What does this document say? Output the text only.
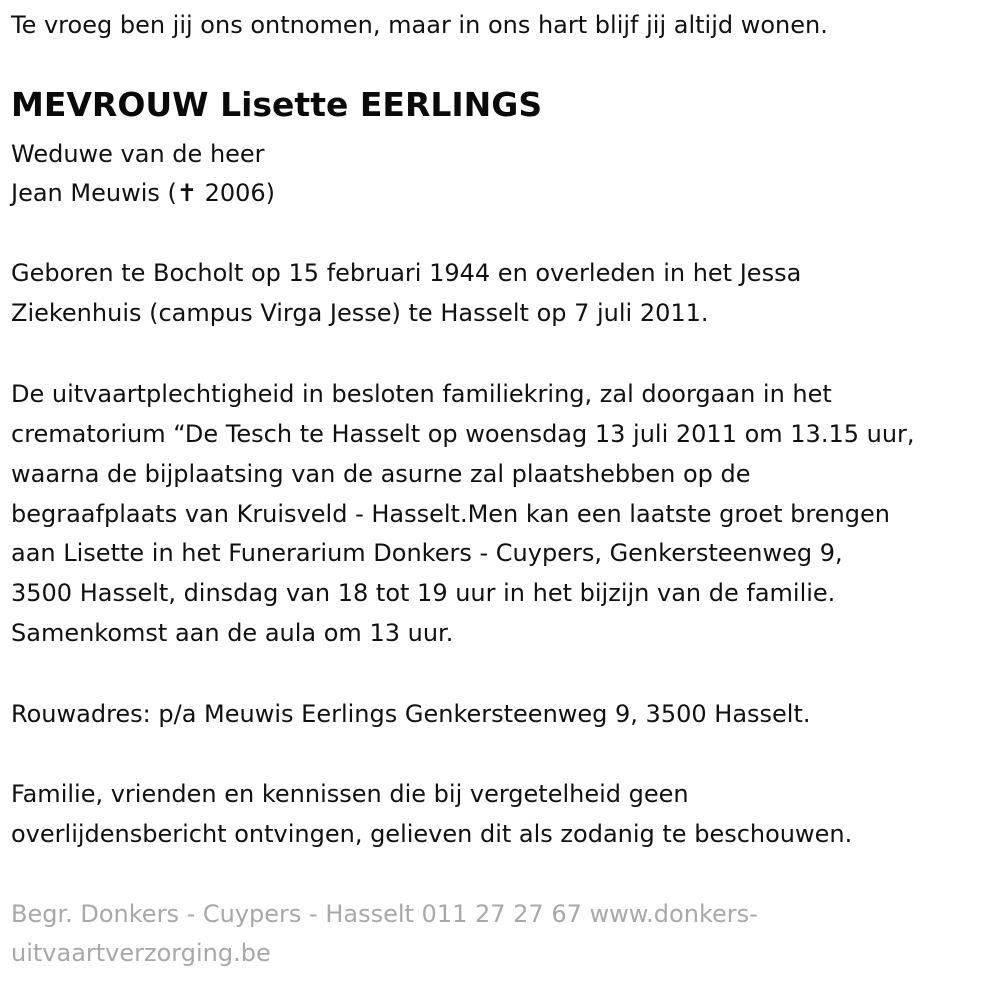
Te vroeg ben jij ons ontnomen, maar in ons hart blijf jij altijd wonen.

MEVROUW Lisette EERLINGS

Weduwe van de heer

Jean Meuwis (✝ 2006)

Geboren te Bocholt op 15 februari 1944 en overleden in het Jessa

Ziekenhuis (campus Virga Jesse) te Hasselt op 7 juli 2011.

De uitvaartplechtigheid in besloten familiekring, zal doorgaan in het

crematorium “De Tesch te Hasselt op woensdag 13 juli 2011 om 13.15 uur,

waarna de bijplaatsing van de asurne zal plaatshebben op de

begraafplaats van Kruisveld - Hasselt.Men kan een laatste groet brengen

aan Lisette in het Funerarium Donkers - Cuypers, Genkersteenweg 9,

3500 Hasselt, dinsdag van 18 tot 19 uur in het bijzijn van de familie.

Samenkomst aan de aula om 13 uur.

Rouwadres: p/a Meuwis Eerlings Genkersteenweg 9, 3500 Hasselt.

Familie, vrienden en kennissen die bij vergetelheid geen

overlijdensbericht ontvingen, gelieven dit als zodanig te beschouwen.

Begr. Donkers - Cuypers - Hasselt 011 27 27 67 www.donkers-

uitvaartverzorging.be
